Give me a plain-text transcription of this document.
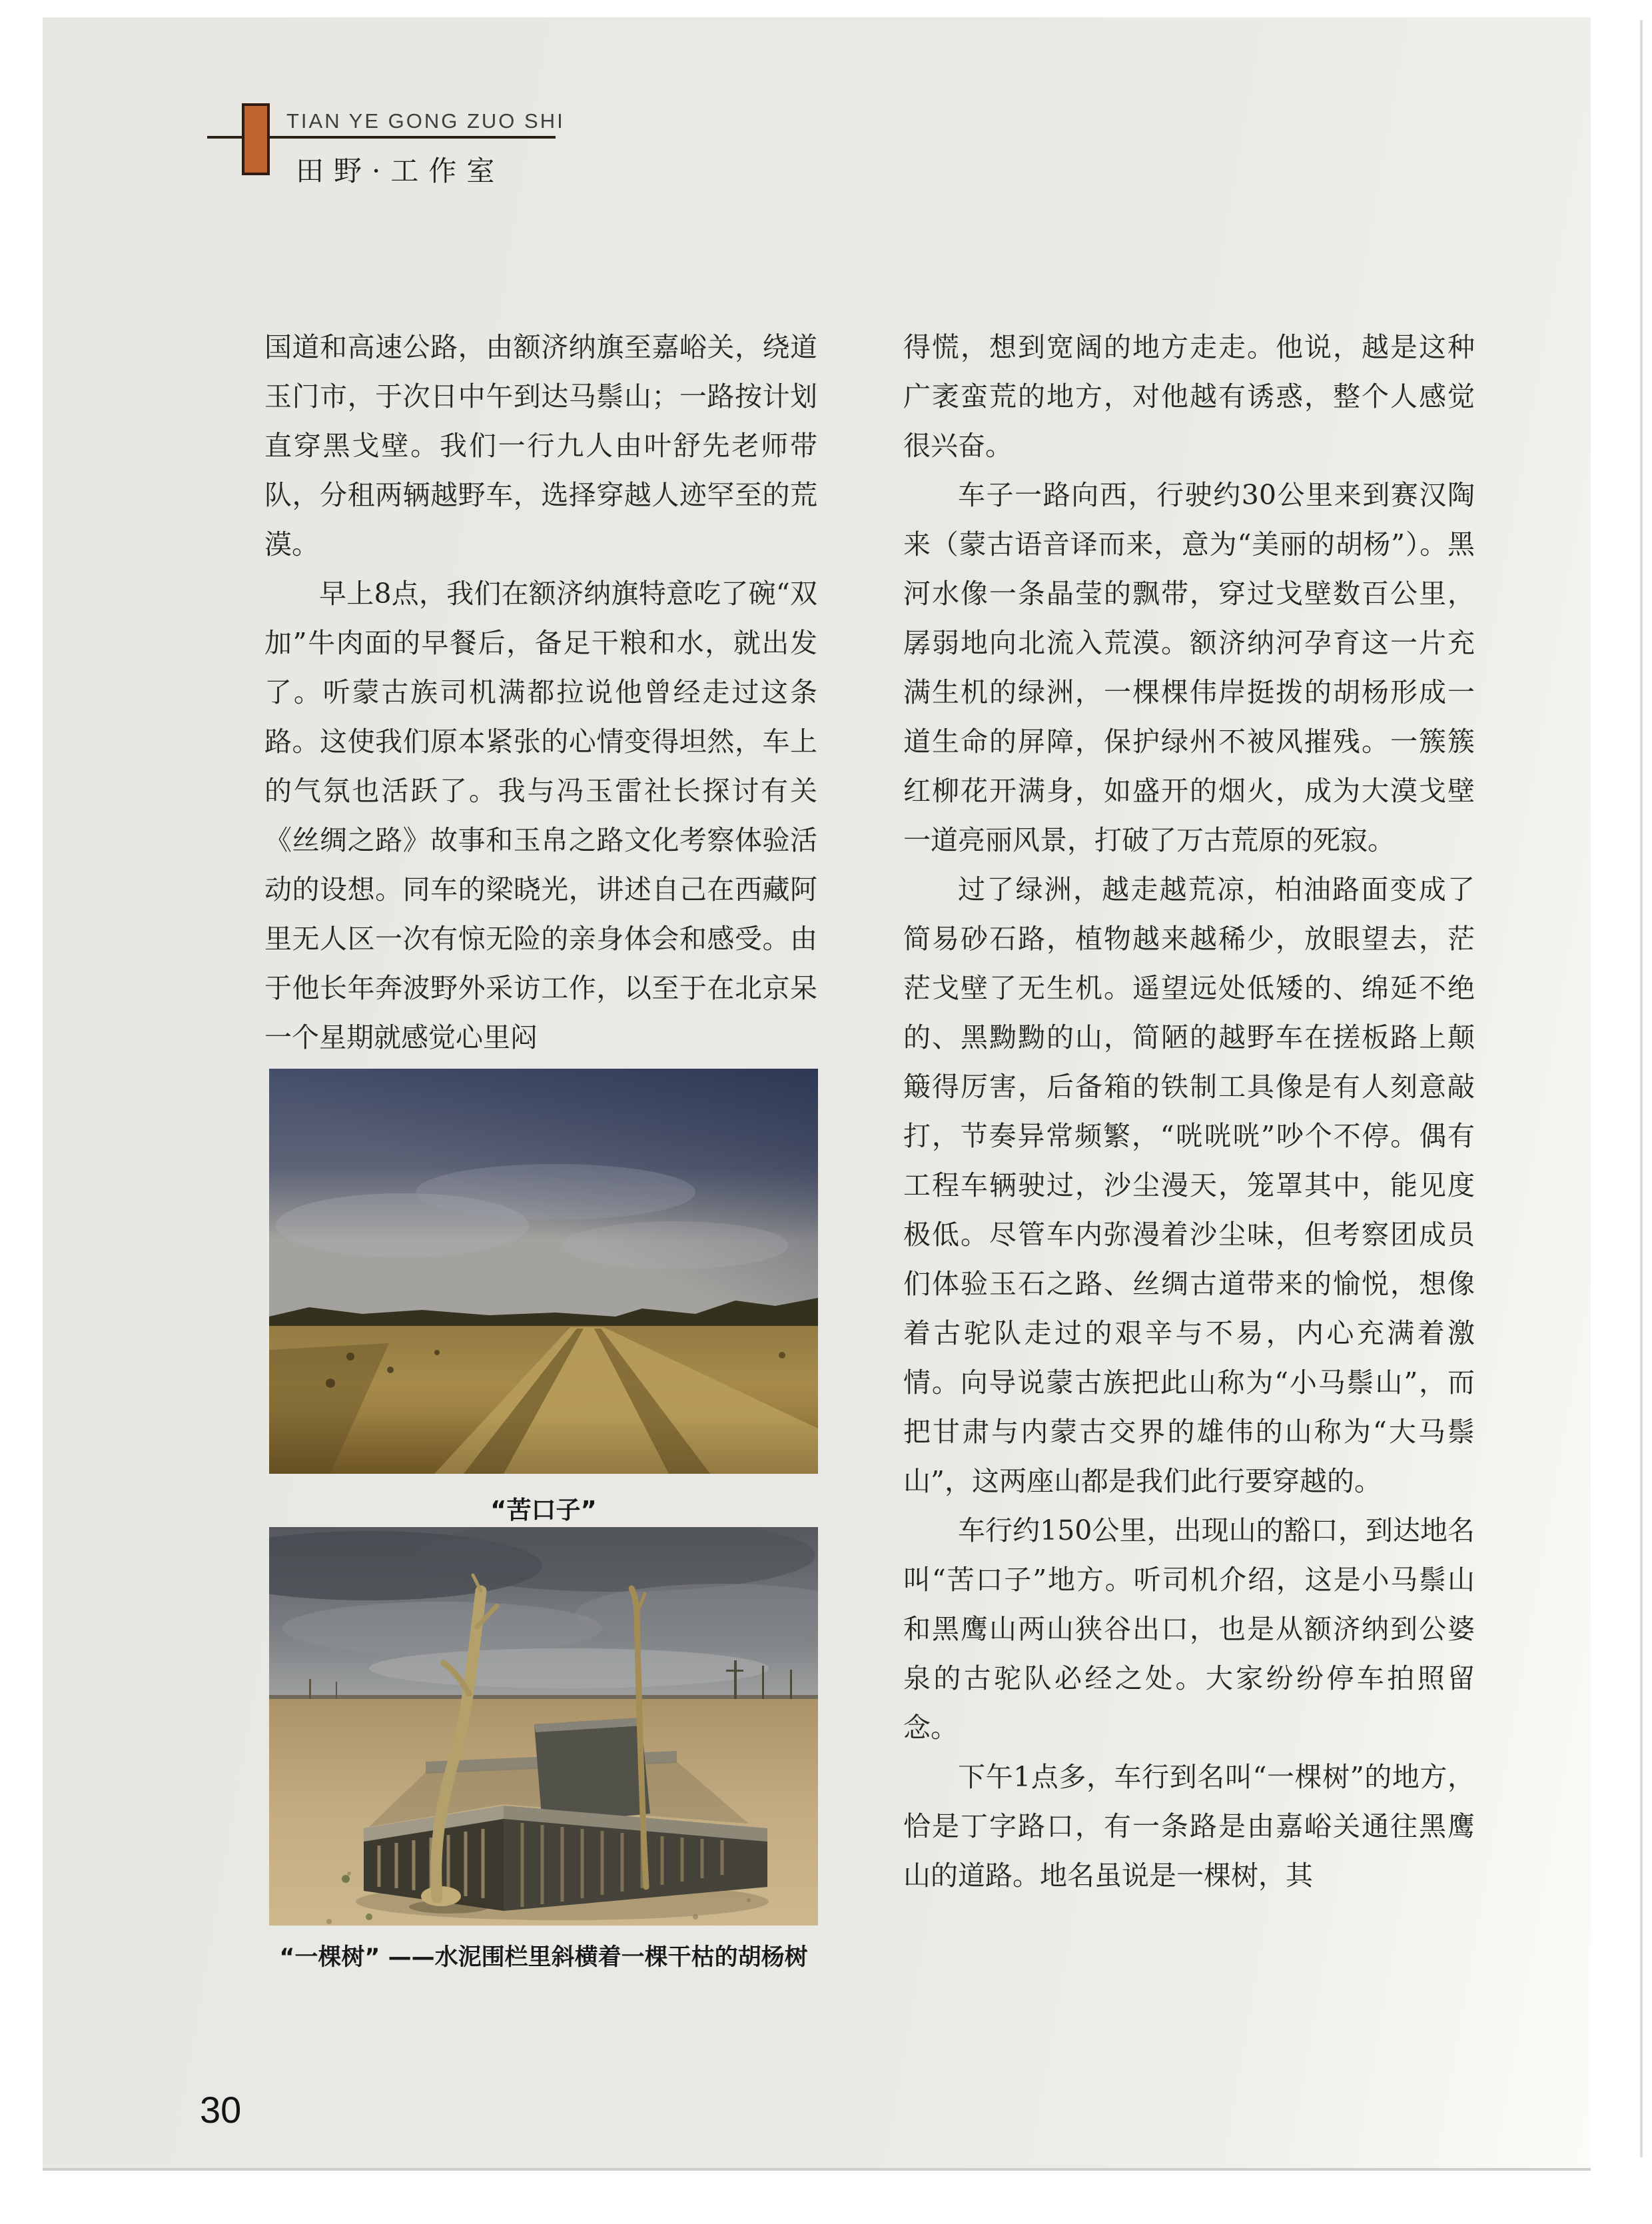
TIAN YE GONG ZUO SHI
田野·工作室

国道和高速公路，由额济纳旗至嘉峪关，绕道玉门市，于次日中午到达马鬃山；一路按计划直穿黑戈壁。我们一行九人由叶舒先老师带队，分租两辆越野车，选择穿越人迹罕至的荒漠。

早上8点，我们在额济纳旗特意吃了碗“双加”牛肉面的早餐后，备足干粮和水，就出发了。听蒙古族司机满都拉说他曾经走过这条路。这使我们原本紧张的心情变得坦然，车上的气氛也活跃了。我与冯玉雷社长探讨有关《丝绸之路》故事和玉帛之路文化考察体验活动的设想。同车的梁晓光，讲述自己在西藏阿里无人区一次有惊无险的亲身体会和感受。由于他长年奔波野外采访工作，以至于在北京呆一个星期就感觉心里闷

得慌，想到宽阔的地方走走。他说，越是这种广袤蛮荒的地方，对他越有诱惑，整个人感觉很兴奋。

车子一路向西，行驶约30公里来到赛汉陶来（蒙古语音译而来，意为“美丽的胡杨”）。黑河水像一条晶莹的飘带，穿过戈壁数百公里，孱弱地向北流入荒漠。额济纳河孕育这一片充满生机的绿洲，一棵棵伟岸挺拨的胡杨形成一道生命的屏障，保护绿州不被风摧残。一簇簇红柳花开满身，如盛开的烟火，成为大漠戈壁一道亮丽风景，打破了万古荒原的死寂。

过了绿洲，越走越荒凉，柏油路面变成了简易砂石路，植物越来越稀少，放眼望去，茫茫戈壁了无生机。遥望远处低矮的、绵延不绝的、黑黝黝的山，简陋的越野车在搓板路上颠簸得厉害，后备箱的铁制工具像是有人刻意敲打，节奏异常频繁，“咣咣咣”吵个不停。偶有工程车辆驶过，沙尘漫天，笼罩其中，能见度极低。尽管车内弥漫着沙尘味，但考察团成员们体验玉石之路、丝绸古道带来的愉悦，想像着古驼队走过的艰辛与不易，内心充满着激情。向导说蒙古族把此山称为“小马鬃山”，而把甘肃与内蒙古交界的雄伟的山称为“大马鬃山”，这两座山都是我们此行要穿越的。

车行约150公里，出现山的豁口，到达地名叫“苦口子”地方。听司机介绍，这是小马鬃山和黑鹰山两山狭谷出口，也是从额济纳到公婆泉的古驼队必经之处。大家纷纷停车拍照留念。

下午1点多，车行到名叫“一棵树”的地方，恰是丁字路口，有一条路是由嘉峪关通往黑鹰山的道路。地名虽说是一棵树，其

“苦口子”
“一棵树” ——水泥围栏里斜横着一棵干枯的胡杨树
30
